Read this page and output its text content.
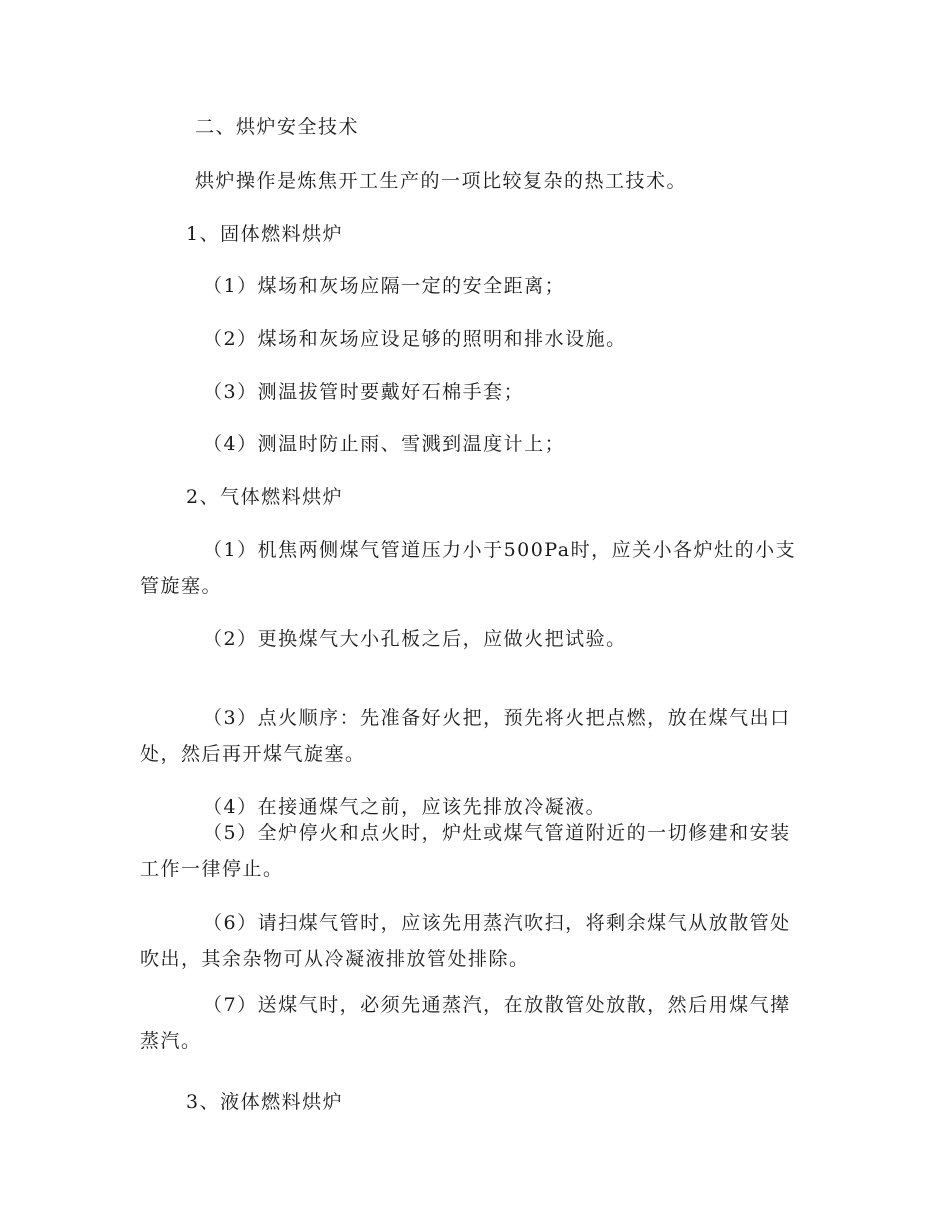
二、烘炉安全技术

烘炉操作是炼焦开工生产的一项比较复杂的热工技术。

1、固体燃料烘炉

（1）煤场和灰场应隔一定的安全距离；

（2）煤场和灰场应设足够的照明和排水设施。

（3）测温拔管时要戴好石棉手套；

（4）测温时防止雨、雪溅到温度计上；

2、气体燃料烘炉

（1）机焦两侧煤气管道压力小于500Pa时，应关小各炉灶的小支管旋塞。

（2）更换煤气大小孔板之后，应做火把试验。

（3）点火顺序：先准备好火把，预先将火把点燃，放在煤气出口处，然后再开煤气旋塞。

（4）在接通煤气之前，应该先排放冷凝液。

（5）全炉停火和点火时，炉灶或煤气管道附近的一切修建和安装工作一律停止。

（6）请扫煤气管时，应该先用蒸汽吹扫，将剩余煤气从放散管处吹出，其余杂物可从冷凝液排放管处排除。

（7）送煤气时，必须先通蒸汽，在放散管处放散，然后用煤气撵蒸汽。

3、液体燃料烘炉
